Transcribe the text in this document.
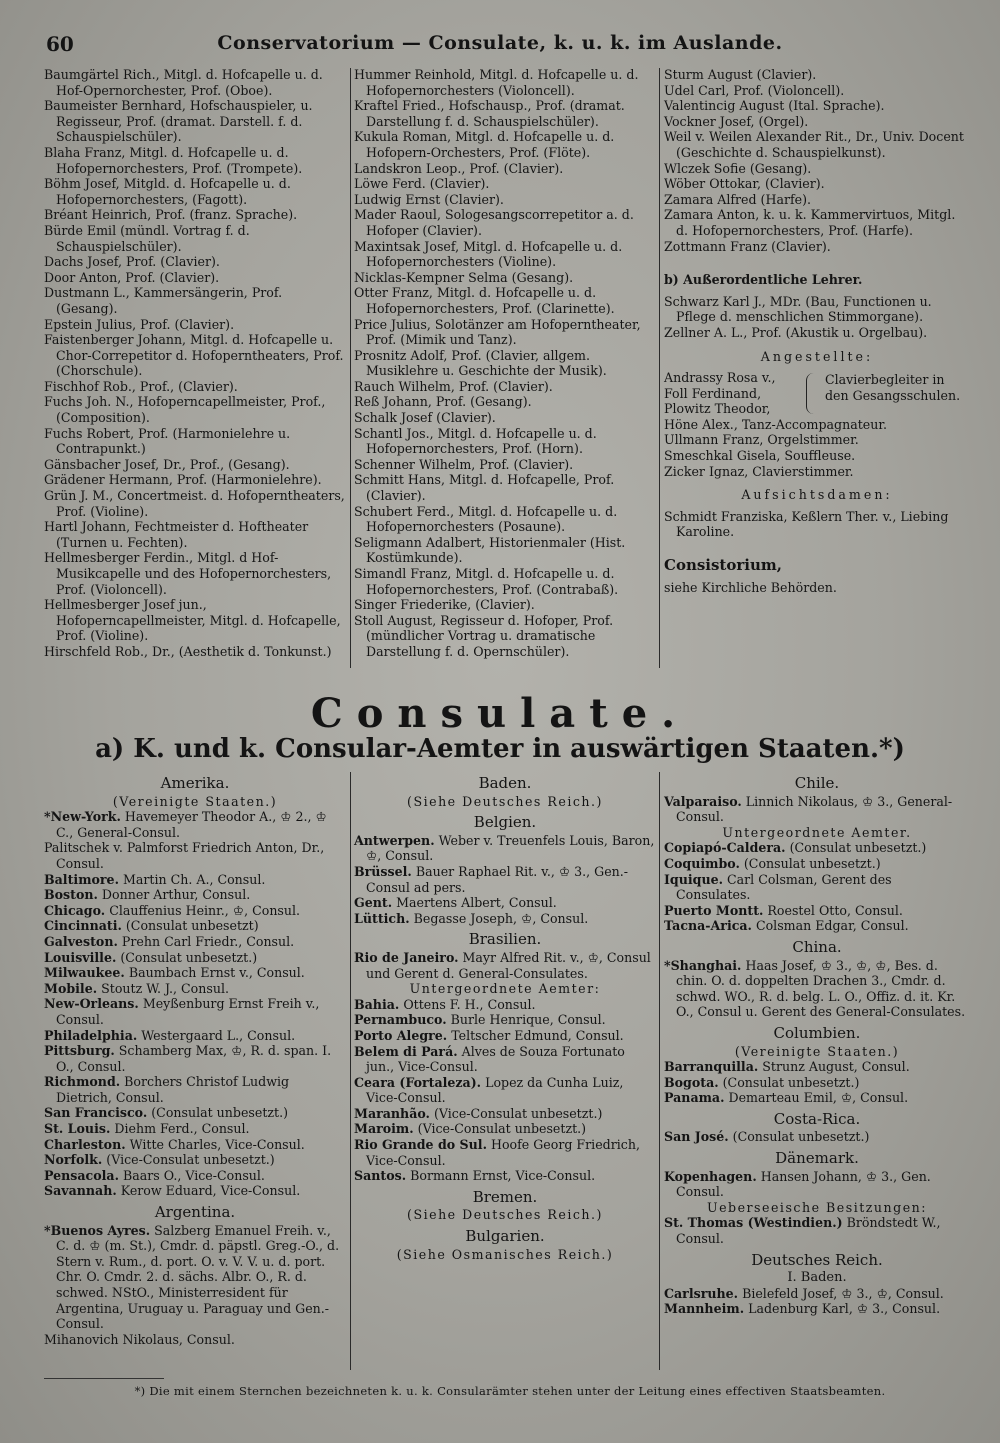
60	Conservatorium — Consulate, k. u. k. im Auslande.

Baumgärtel Rich., Mitgl. d. Hofcapelle u. d. Hof-Opernorchester, Prof. (Oboe).

Baumeister Bernhard, Hofschauspieler, u. Regisseur, Prof. (dramat. Darstell. f. d. Schauspielschüler).

Blaha Franz, Mitgl. d. Hofcapelle u. d. Hofopernorchesters, Prof. (Trompete).

Böhm Josef, Mitgld. d. Hofcapelle u. d. Hofopernorchesters, (Fagott).

Bréant Heinrich, Prof. (franz. Sprache).

Bürde Emil (mündl. Vortrag f. d. Schauspielschüler).

Dachs Josef, Prof. (Clavier).

Door Anton, Prof. (Clavier).

Dustmann L., Kammersängerin, Prof. (Gesang).

Epstein Julius, Prof. (Clavier).

Faistenberger Johann, Mitgl. d. Hofcapelle u. Chor-Correpetitor d. Hofoperntheaters, Prof. (Chorschule).

Fischhof Rob., Prof., (Clavier).

Fuchs Joh. N., Hofoperncapellmeister, Prof., (Composition).

Fuchs Robert, Prof. (Harmonielehre u. Contrapunkt.)

Gänsbacher Josef, Dr., Prof., (Gesang).

Grädener Hermann, Prof. (Harmonielehre).

Grün J. M., Concertmeist. d. Hofoperntheaters, Prof. (Violine).

Hartl Johann, Fechtmeister d. Hoftheater (Turnen u. Fechten).

Hellmesberger Ferdin., Mitgl. d Hof-Musikcapelle und des Hofopernorchesters, Prof. (Violoncell).

Hellmesberger Josef jun., Hofoperncapellmeister, Mitgl. d. Hofcapelle, Prof. (Violine).

Hirschfeld Rob., Dr., (Aesthetik d. Tonkunst.)

Hummer Reinhold, Mitgl. d. Hofcapelle u. d. Hofopernorchesters (Violoncell).

Kraftel Fried., Hofschausp., Prof. (dramat. Darstellung f. d. Schauspielschüler).

Kukula Roman, Mitgl. d. Hofcapelle u. d. Hofopern-Orchesters, Prof. (Flöte).

Landskron Leop., Prof. (Clavier).

Löwe Ferd. (Clavier).

Ludwig Ernst (Clavier).

Mader Raoul, Sologesangscorrepetitor a. d. Hofoper (Clavier).

Maxintsak Josef, Mitgl. d. Hofcapelle u. d. Hofopernorchesters (Violine).

Nicklas-Kempner Selma (Gesang).

Otter Franz, Mitgl. d. Hofcapelle u. d. Hofopernorchesters, Prof. (Clarinette).

Price Julius, Solotänzer am Hofoperntheater, Prof. (Mimik und Tanz).

Prosnitz Adolf, Prof. (Clavier, allgem. Musiklehre u. Geschichte der Musik).

Rauch Wilhelm, Prof. (Clavier).

Reß Johann, Prof. (Gesang).

Schalk Josef (Clavier).

Schantl Jos., Mitgl. d. Hofcapelle u. d. Hofopernorchesters, Prof. (Horn).

Schenner Wilhelm, Prof. (Clavier).

Schmitt Hans, Mitgl. d. Hofcapelle, Prof. (Clavier).

Schubert Ferd., Mitgl. d. Hofcapelle u. d. Hofopernorchesters (Posaune).

Seligmann Adalbert, Historienmaler (Hist. Kostümkunde).

Simandl Franz, Mitgl. d. Hofcapelle u. d. Hofopernorchesters, Prof. (Contrabaß).

Singer Friederike, (Clavier).

Stoll August, Regisseur d. Hofoper, Prof. (mündlicher Vortrag u. dramatische Darstellung f. d. Opernschüler).

Sturm August (Clavier).

Udel Carl, Prof. (Violoncell).

Valentincig August (Ital. Sprache).

Vockner Josef, (Orgel).

Weil v. Weilen Alexander Rit., Dr., Univ. Docent (Geschichte d. Schauspielkunst).

Wlczek Sofie (Gesang).

Wöber Ottokar, (Clavier).

Zamara Alfred (Harfe).

Zamara Anton, k. u. k. Kammervirtuos, Mitgl. d. Hofopernorchesters, Prof. (Harfe).

Zottmann Franz (Clavier).

b) Außerordentliche Lehrer.

Schwarz Karl J., MDr. (Bau, Functionen u. Pflege d. menschlichen Stimmorgane).

Zellner A. L., Prof. (Akustik u. Orgelbau).

Angestellte:

Andrassy Rosa v.,

Foll Ferdinand,

Plowitz Theodor,

Clavierbegleiter in den Gesangsschulen.

Höne Alex., Tanz-Accompagnateur.

Ullmann Franz, Orgelstimmer.

Smeschkal Gisela, Souffleuse.

Zicker Ignaz, Clavierstimmer.

Aufsichtsdamen:

Schmidt Franziska, Keßlern Ther. v., Liebing Karoline.

Consistorium,

siehe Kirchliche Behörden.

Consulate.
a) K. und k. Consular-Aemter in auswärtigen Staaten.*)

Amerika.

(Vereinigte Staaten.)

*New-York. Havemeyer Theodor A., ♔ 2., ♔ C., General-Consul.

Palitschek v. Palmforst Friedrich Anton, Dr., Consul.

Baltimore. Martin Ch. A., Consul.

Boston. Donner Arthur, Consul.

Chicago. Clauffenius Heinr., ♔, Consul.

Cincinnati. (Consulat unbesetzt)

Galveston. Prehn Carl Friedr., Consul.

Louisville. (Consulat unbesetzt.)

Milwaukee. Baumbach Ernst v., Consul.

Mobile. Stoutz W. J., Consul.

New-Orleans. Meyßenburg Ernst Freih v., Consul.

Philadelphia. Westergaard L., Consul.

Pittsburg. Schamberg Max, ♔, R. d. span. I. O., Consul.

Richmond. Borchers Christof Ludwig Dietrich, Consul.

San Francisco. (Consulat unbesetzt.)

St. Louis. Diehm Ferd., Consul.

Charleston. Witte Charles, Vice-Consul.

Norfolk. (Vice-Consulat unbesetzt.)

Pensacola. Baars O., Vice-Consul.

Savannah. Kerow Eduard, Vice-Consul.

Argentina.

*Buenos Ayres. Salzberg Emanuel Freih. v., C. d. ♔ (m. St.), Cmdr. d. päpstl. Greg.-O., d. Stern v. Rum., d. port. O. v. V. V. u. d. port. Chr. O. Cmdr. 2. d. sächs. Albr. O., R. d. schwed. NStO., Ministerresident für Argentina, Uruguay u. Paraguay und Gen.-Consul.

Mihanovich Nikolaus, Consul.

Baden.

(Siehe Deutsches Reich.)

Belgien.

Antwerpen. Weber v. Treuenfels Louis, Baron, ♔, Consul.

Brüssel. Bauer Raphael Rit. v., ♔ 3., Gen.-Consul ad pers.

Gent. Maertens Albert, Consul.

Lüttich. Begasse Joseph, ♔, Consul.

Brasilien.

Rio de Janeiro. Mayr Alfred Rit. v., ♔, Consul und Gerent d. General-Consulates.

Untergeordnete Aemter:

Bahia. Ottens F. H., Consul.

Pernambuco. Burle Henrique, Consul.

Porto Alegre. Teltscher Edmund, Consul.

Belem di Pará. Alves de Souza Fortunato jun., Vice-Consul.

Ceara (Fortaleza). Lopez da Cunha Luiz, Vice-Consul.

Maranhão. (Vice-Consulat unbesetzt.)

Maroim. (Vice-Consulat unbesetzt.)

Rio Grande do Sul. Hoofe Georg Friedrich, Vice-Consul.

Santos. Bormann Ernst, Vice-Consul.

Bremen.

(Siehe Deutsches Reich.)

Bulgarien.

(Siehe Osmanisches Reich.)

Chile.

Valparaiso. Linnich Nikolaus, ♔ 3., General-Consul.

Untergeordnete Aemter.

Copiapó-Caldera. (Consulat unbesetzt.)

Coquimbo. (Consulat unbesetzt.)

Iquique. Carl Colsman, Gerent des Consulates.

Puerto Montt. Roestel Otto, Consul.

Tacna-Arica. Colsman Edgar, Consul.

China.

*Shanghai. Haas Josef, ♔ 3., ♔, ♔, Bes. d. chin. O. d. doppelten Drachen 3., Cmdr. d. schwd. WO., R. d. belg. L. O., Offiz. d. it. Kr. O., Consul u. Gerent des General-Consulates.

Columbien.

(Vereinigte Staaten.)

Barranquilla. Strunz August, Consul.

Bogota. (Consulat unbesetzt.)

Panama. Demarteau Emil, ♔, Consul.

Costa-Rica.

San José. (Consulat unbesetzt.)

Dänemark.

Kopenhagen. Hansen Johann, ♔ 3., Gen. Consul.

Ueberseeische Besitzungen:

St. Thomas (Westindien.) Bröndstedt W., Consul.

Deutsches Reich.

I. Baden.

Carlsruhe. Bielefeld Josef, ♔ 3., ♔, Consul.

Mannheim. Ladenburg Karl, ♔ 3., Consul.

*) Die mit einem Sternchen bezeichneten k. u. k. Consularämter stehen unter der Leitung eines effectiven Staatsbeamten.
